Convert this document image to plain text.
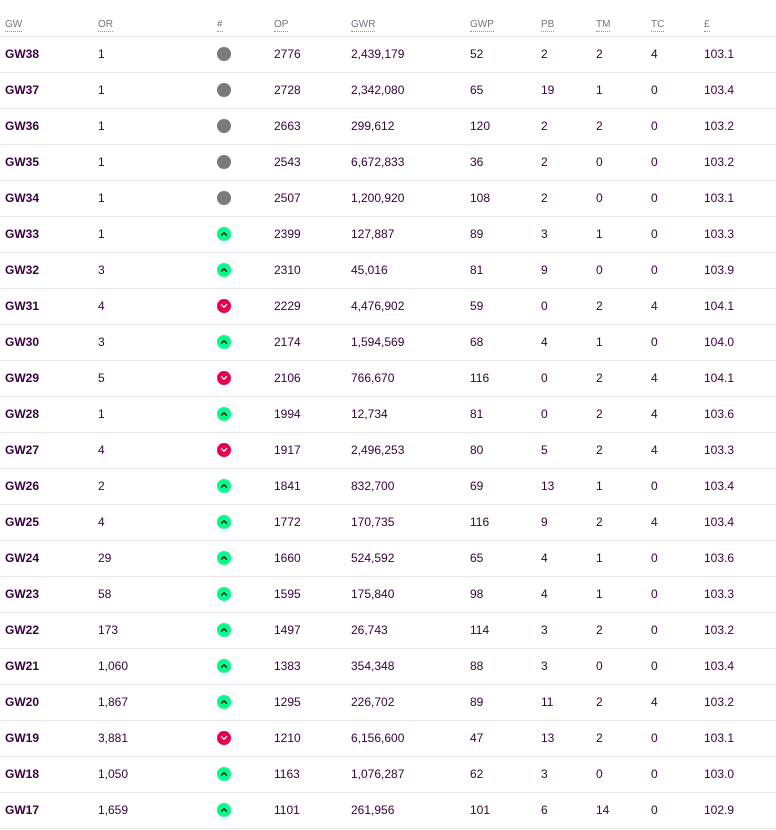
	GW	OR	#	OP	GWR	GWP	PB	TM	TC	£
	GW38	1		2776	2,439,179	52	2	2	4	103.1
	GW37	1		2728	2,342,080	65	19	1	0	103.4
	GW36	1		2663	299,612	120	2	2	0	103.2
	GW35	1		2543	6,672,833	36	2	0	0	103.2
	GW34	1		2507	1,200,920	108	2	0	0	103.1
	GW33	1		2399	127,887	89	3	1	0	103.3
	GW32	3		2310	45,016	81	9	0	0	103.9
	GW31	4		2229	4,476,902	59	0	2	4	104.1
	GW30	3		2174	1,594,569	68	4	1	0	104.0
	GW29	5		2106	766,670	116	0	2	4	104.1
	GW28	1		1994	12,734	81	0	2	4	103.6
	GW27	4		1917	2,496,253	80	5	2	4	103.3
	GW26	2		1841	832,700	69	13	1	0	103.4
	GW25	4		1772	170,735	116	9	2	4	103.4
	GW24	29		1660	524,592	65	4	1	0	103.6
	GW23	58		1595	175,840	98	4	1	0	103.3
	GW22	173		1497	26,743	114	3	2	0	103.2
	GW21	1,060		1383	354,348	88	3	0	0	103.4
	GW20	1,867		1295	226,702	89	11	2	4	103.2
	GW19	3,881		1210	6,156,600	47	13	2	0	103.1
	GW18	1,050		1163	1,076,287	62	3	0	0	103.0
	GW17	1,659		1101	261,956	101	6	14	0	102.9
